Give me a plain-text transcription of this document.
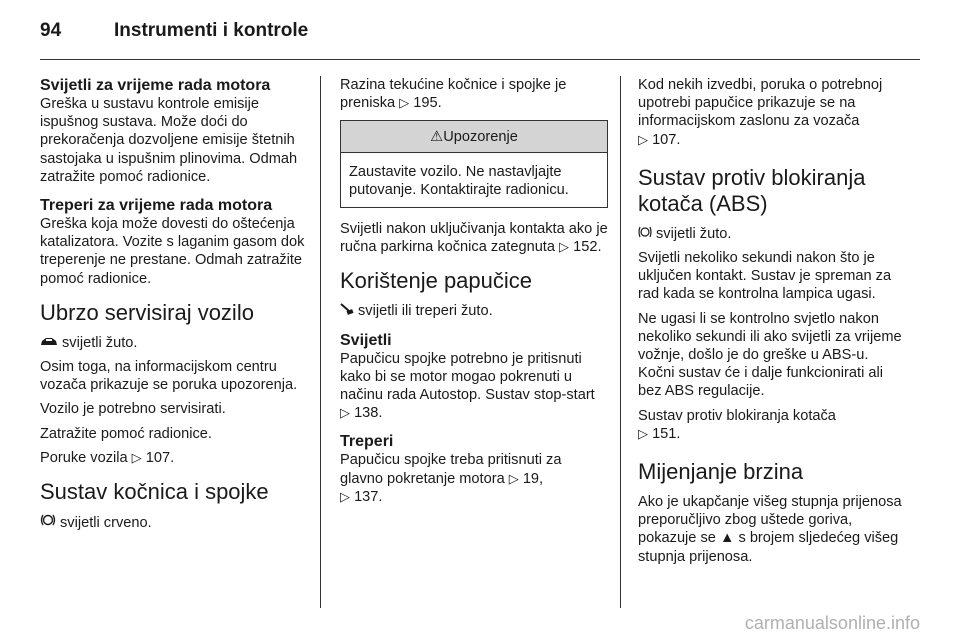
94	Instrumenti i kontrole
Svijetli za vrijeme rada motora

Greška u sustavu kontrole emisije ispušnog sustava. Može doći do prekoračenja dozvoljene emisije štetnih sastojaka u ispušnim plinovima. Odmah zatražite pomoć radionice.

Treperi za vrijeme rada motora

Greška koja može dovesti do oštećenja katalizatora. Vozite s laganim gasom dok treperenje ne prestane. Odmah zatražite pomoć radionice.

Ubrzo servisiraj vozilo

svijetli žuto.

Osim toga, na informacijskom centru vozača prikazuje se poruka upozorenja.

Vozilo je potrebno servisirati.

Zatražite pomoć radionice.

Poruke vozila ▷ 107.

Sustav kočnica i spojke

svijetli crveno.

Razina tekućine kočnice i spojke je preniska ▷ 195.

⚠Upozorenje
Zaustavite vozilo. Ne nastavljajte putovanje. Kontaktirajte radionicu.

Svijetli nakon uključivanja kontakta ako je ručna parkirna kočnica zategnuta ▷ 152.

Korištenje papučice

svijetli ili treperi žuto.

Svijetli

Papučicu spojke potrebno je pritisnuti kako bi se motor mogao pokrenuti u načinu rada Autostop. Sustav stop-start ▷ 138.

Treperi

Papučicu spojke treba pritisnuti za glavno pokretanje motora ▷ 19,
▷ 137.

Kod nekih izvedbi, poruka o potrebnoj upotrebi papučice prikazuje se na informacijskom zaslonu za vozača
▷ 107.

Sustav protiv blokiranja kotača (ABS)

svijetli žuto.

Svijetli nekoliko sekundi nakon što je uključen kontakt. Sustav je spreman za rad kada se kontrolna lampica ugasi.

Ne ugasi li se kontrolno svjetlo nakon nekoliko sekundi ili ako svijetli za vrijeme vožnje, došlo je do greške u ABS-u. Kočni sustav će i dalje funkcionirati ali bez ABS regulacije.

Sustav protiv blokiranja kotača
▷ 151.

Mijenjanje brzina

Ako je ukapčanje višeg stupnja prijenosa preporučljivo zbog uštede goriva, pokazuje se ▲ s brojem sljedećeg višeg stupnja prijenosa.

carmanualsonline.info
